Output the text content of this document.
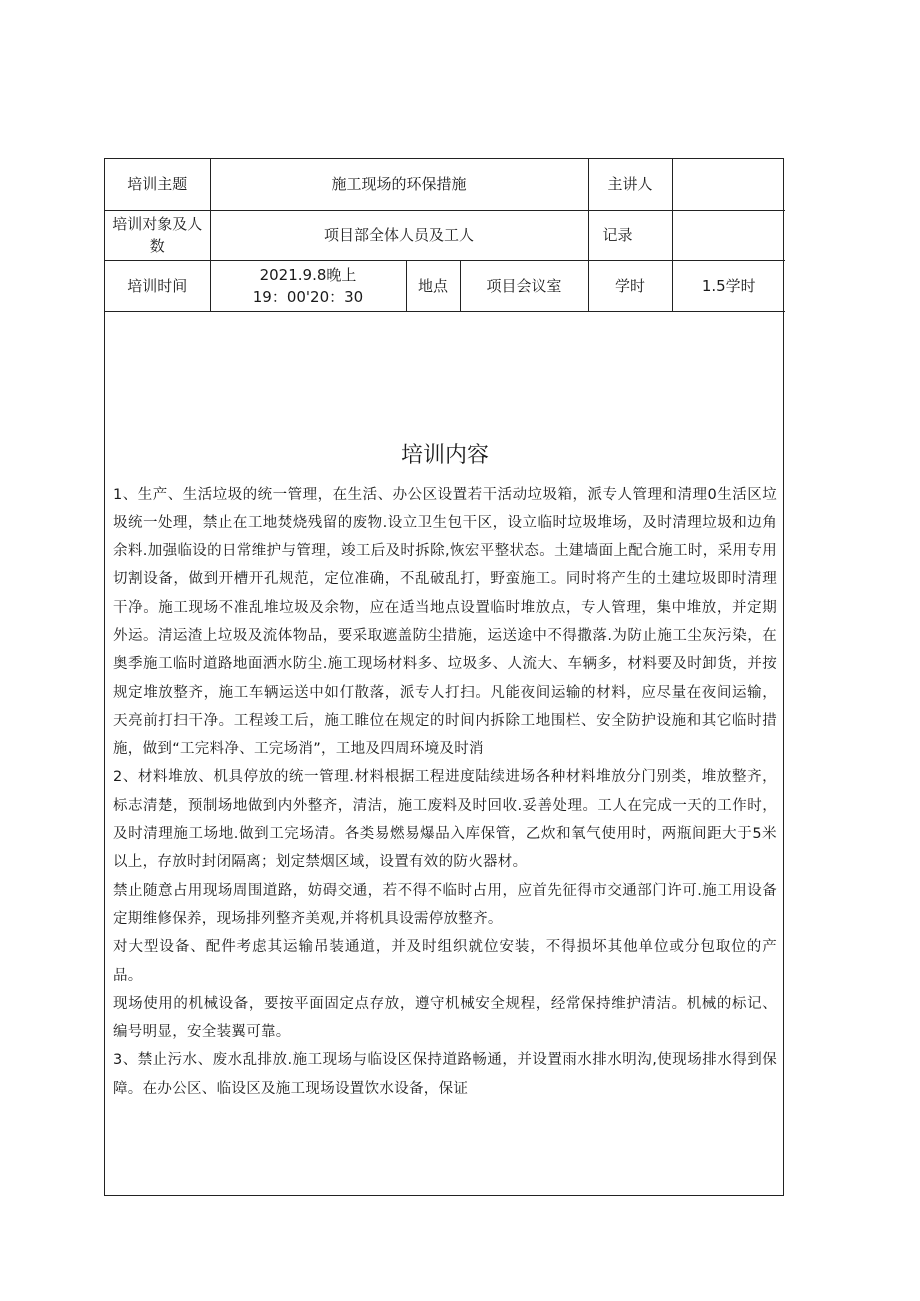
培训主题	施工现场的环保措施			主讲人	
培训对象及人数	项目部全体人员及工人			记录	
培训时间	2021.9.8晚上19：00'20：30	地点	项目会议室	学时	1.5学时
培训内容

1、生产、生活垃圾的统一管理，在生活、办公区设置若干活动垃圾箱，派专人管理和清理0生活区垃圾统一处理，禁止在工地焚烧残留的废物.设立卫生包干区，设立临时垃圾堆场，及时清理垃圾和边角余料.加强临设的日常维护与管理，竣工后及时拆除,恢宏平整状态。土建墙面上配合施工时，采用专用切割设备，做到开槽开孔规范，定位准确，不乱破乱打，野蛮施工。同时将产生的土建垃圾即时清理干净。施工现场不准乱堆垃圾及余物，应在适当地点设置临时堆放点，专人管理，集中堆放，并定期外运。清运渣上垃圾及流体物品，要采取遮盖防尘措施，运送途中不得撒落.为防止施工尘灰污染，在奥季施工临时道路地面洒水防尘.施工现场材料多、垃圾多、人流大、车辆多，材料要及时卸货，并按规定堆放整齐，施工车辆运送中如仃散落，派专人打扫。凡能夜间运输的材料，应尽量在夜间运输，天亮前打扫干净。工程竣工后，施工睢位在规定的时间内拆除工地围栏、安全防护设施和其它临时措施，做到“工完料净、工完场消”，工地及四周环境及时消

2、材料堆放、机具停放的统一管理.材料根据工程进度陆续进场各种材料堆放分门别类，堆放整齐，标志清楚，预制场地做到内外整齐，清洁，施工废料及时回收.妥善处理。工人在完成一天的工作时，及时清理施工场地.做到工完场清。各类易燃易爆品入库保管，乙炊和氧气使用时，两瓶间距大于5米以上，存放时封闭隔离；划定禁烟区域，设置有效的防火器材。

禁止随意占用现场周围道路，妨碍交通，若不得不临时占用，应首先征得市交通部门许可.施工用设备定期维修保养，现场排列整齐美观,并将机具设需停放整齐。

对大型设备、配件考虑其运输吊装通道，并及时组织就位安装，不得损坏其他单位或分包取位的产品。

现场使用的机械设备，要按平面固定点存放，遵守机械安全规程，经常保持维护清洁。机械的标记、编号明显，安全装翼可靠。

3、禁止污水、废水乱排放.施工现场与临设区保持道路畅通，并设置雨水排水明沟,使现场排水得到保障。在办公区、临设区及施工现场设置饮水设备，保证
